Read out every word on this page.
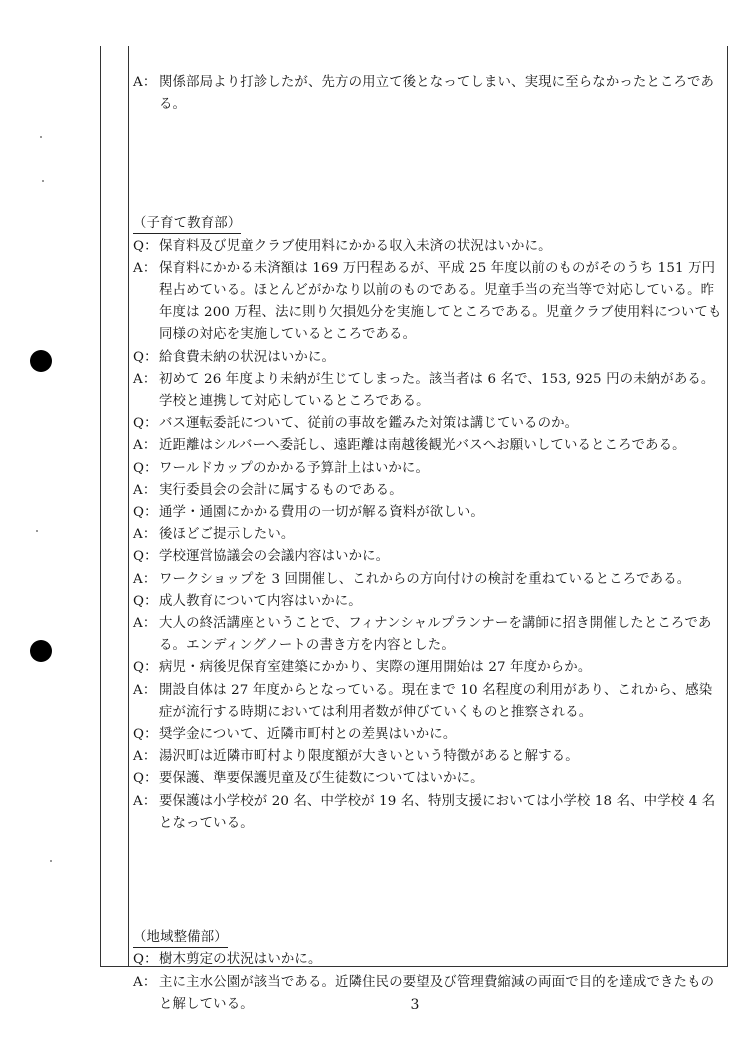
A： 関係部局より打診したが、先方の用立て後となってしまい、実現に至らなかったところである。
（子育て教育部）
Q： 保育料及び児童クラブ使用料にかかる収入未済の状況はいかに。
A： 保育料にかかる未済額は 169 万円程あるが、平成 25 年度以前のものがそのうち 151 万円程占めている。ほとんどがかなり以前のものである。児童手当の充当等で対応している。昨年度は 200 万程、法に則り欠損処分を実施してところである。児童クラブ使用料についても同様の対応を実施しているところである。
Q： 給食費未納の状況はいかに。
A： 初めて 26 年度より未納が生じてしまった。該当者は 6 名で、153, 925 円の未納がある。学校と連携して対応しているところである。
Q： バス運転委託について、従前の事故を鑑みた対策は講じているのか。
A： 近距離はシルバーへ委託し、遠距離は南越後観光バスへお願いしているところである。
Q： ワールドカップのかかる予算計上はいかに。
A： 実行委員会の会計に属するものである。
Q： 通学・通園にかかる費用の一切が解る資料が欲しい。
A： 後ほどご提示したい。
Q： 学校運営協議会の会議内容はいかに。
A： ワークショップを 3 回開催し、これからの方向付けの検討を重ねているところである。
Q： 成人教育について内容はいかに。
A： 大人の終活講座ということで、フィナンシャルプランナーを講師に招き開催したところである。エンディングノートの書き方を内容とした。
Q： 病児・病後児保育室建築にかかり、実際の運用開始は 27 年度からか。
A： 開設自体は 27 年度からとなっている。現在まで 10 名程度の利用があり、これから、感染症が流行する時期においては利用者数が伸びていくものと推察される。
Q： 奨学金について、近隣市町村との差異はいかに。
A： 湯沢町は近隣市町村より限度額が大きいという特徴があると解する。
Q： 要保護、準要保護児童及び生徒数についてはいかに。
A： 要保護は小学校が 20 名、中学校が 19 名、特別支援においては小学校 18 名、中学校 4 名となっている。
（地域整備部）
Q： 樹木剪定の状況はいかに。
A： 主に主水公園が該当である。近隣住民の要望及び管理費縮減の両面で目的を達成できたものと解している。	3
